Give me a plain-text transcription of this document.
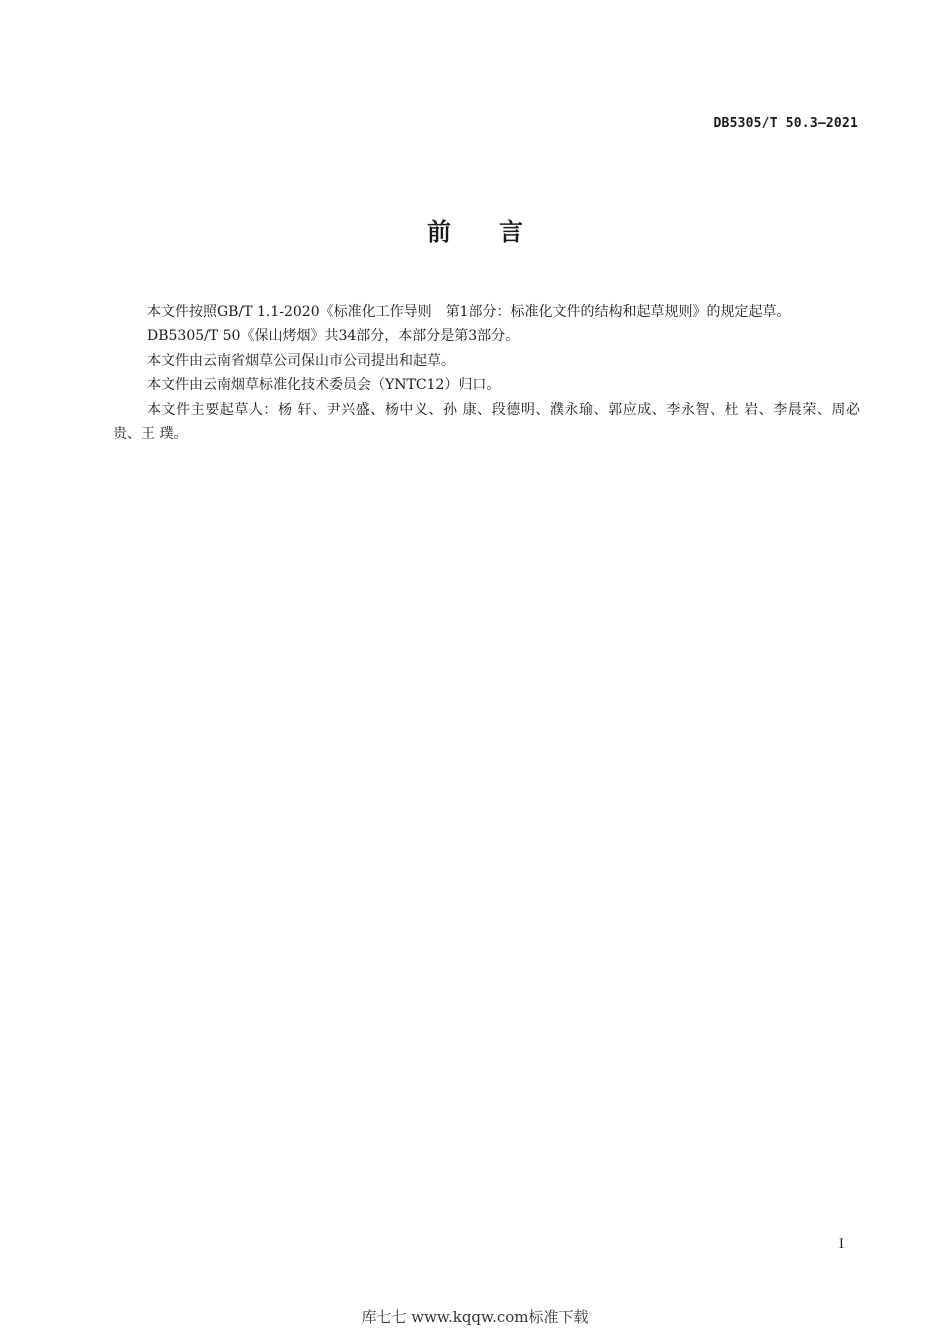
DB5305/T 50.3—2021
前 言

本文件按照GB/T 1.1-2020《标准化工作导则　第1部分：标准化文件的结构和起草规则》的规定起草。

DB5305/T 50《保山烤烟》共34部分，本部分是第3部分。

本文件由云南省烟草公司保山市公司提出和起草。

本文件由云南烟草标准化技术委员会（YNTC12）归口。

本文件主要起草人：杨 轩、尹兴盛、杨中义、孙 康、段德明、濮永瑜、郭应成、李永智、杜 岩、李晨荣、周必贵、王 璞。

I
库七七 www.kqqw.com标准下载
